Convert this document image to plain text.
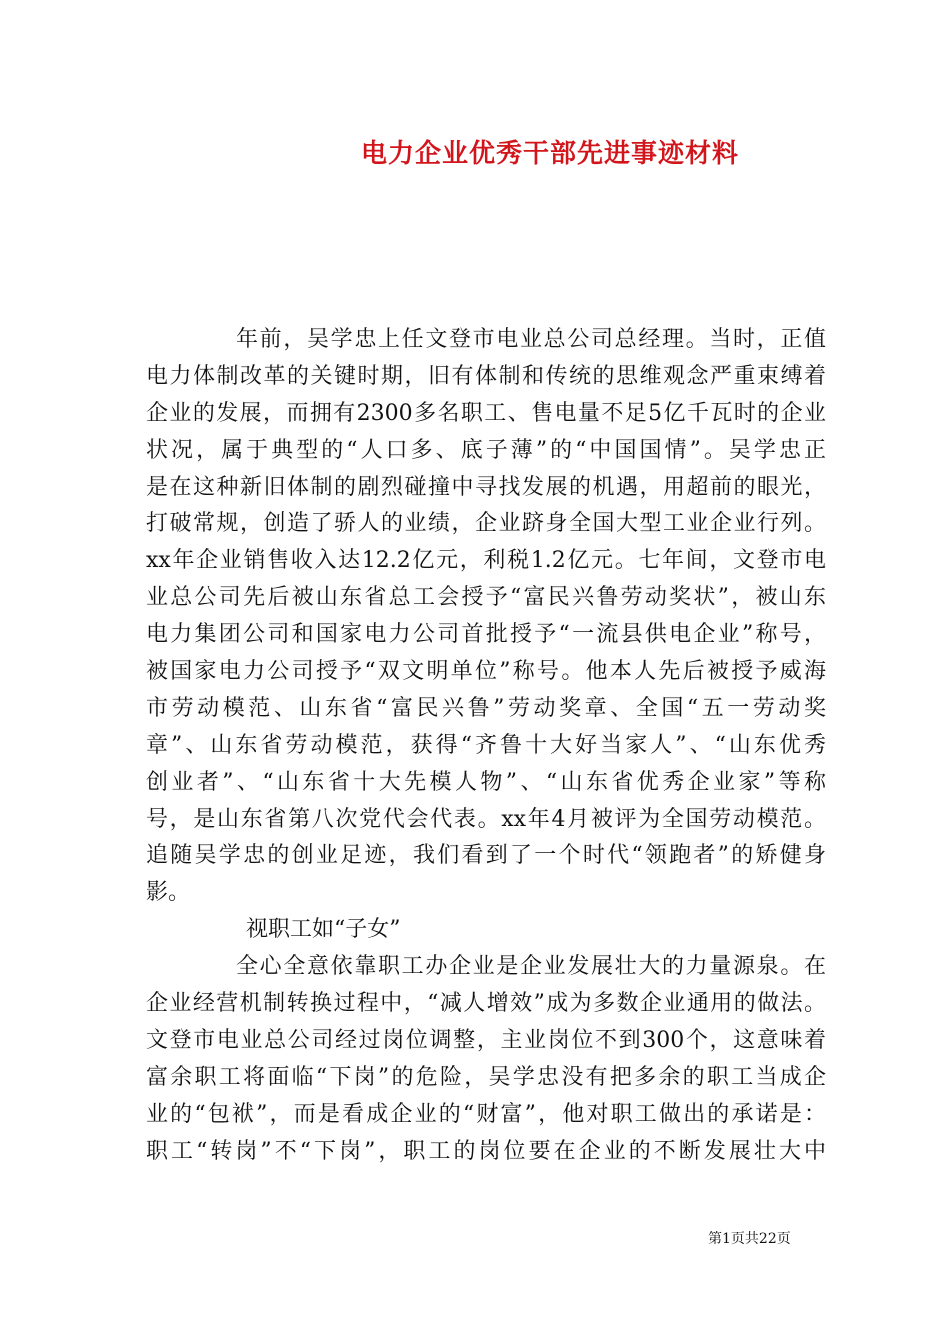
电力企业优秀干部先进事迹材料
年前，吴学忠上任文登市电业总公司总经理。当时，正值
电力体制改革的关键时期，旧有体制和传统的思维观念严重束缚着
企业的发展，而拥有2300多名职工、售电量不足5亿千瓦时的企业
状况，属于典型的“人口多、底子薄”的“中国国情”。吴学忠正
是在这种新旧体制的剧烈碰撞中寻找发展的机遇，用超前的眼光，
打破常规，创造了骄人的业绩，企业跻身全国大型工业企业行列。
xx年企业销售收入达12.2亿元，利税1.2亿元。七年间，文登市电
业总公司先后被山东省总工会授予“富民兴鲁劳动奖状”，被山东
电力集团公司和国家电力公司首批授予“一流县供电企业”称号，
被国家电力公司授予“双文明单位”称号。他本人先后被授予威海
市劳动模范、山东省“富民兴鲁”劳动奖章、全国“五一劳动奖
章”、山东省劳动模范，获得“齐鲁十大好当家人”、“山东优秀
创业者”、“山东省十大先模人物”、“山东省优秀企业家”等称
号，是山东省第八次党代会代表。xx年4月被评为全国劳动模范。
追随吴学忠的创业足迹，我们看到了一个时代“领跑者”的矫健身
影。
视职工如“子女”
全心全意依靠职工办企业是企业发展壮大的力量源泉。在
企业经营机制转换过程中，“减人增效”成为多数企业通用的做法。
文登市电业总公司经过岗位调整，主业岗位不到300个，这意味着
富余职工将面临“下岗”的危险，吴学忠没有把多余的职工当成企
业的“包袱”，而是看成企业的“财富”，他对职工做出的承诺是：
职工“转岗”不“下岗”，职工的岗位要在企业的不断发展壮大中
第1页共22页
